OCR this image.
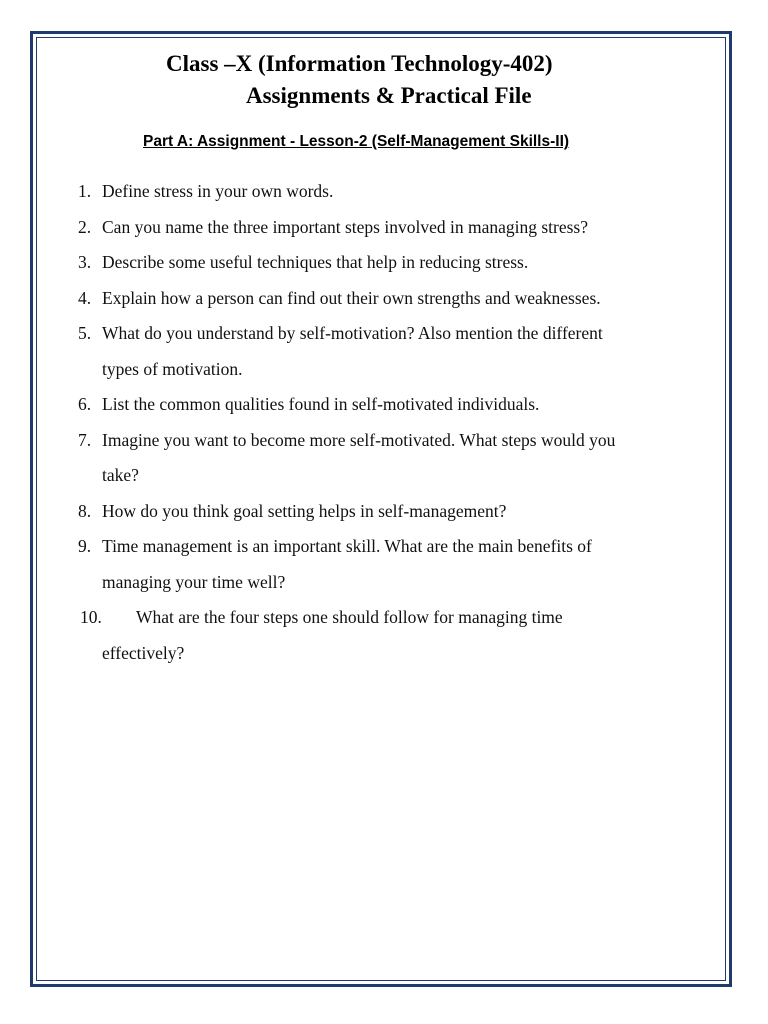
Class –X (Information Technology-402)
Assignments & Practical File
Part A: Assignment - Lesson-2 (Self-Management Skills-II)
1. Define stress in your own words.
2. Can you name the three important steps involved in managing stress?
3. Describe some useful techniques that help in reducing stress.
4. Explain how a person can find out their own strengths and weaknesses.
5. What do you understand by self-motivation? Also mention the different
types of motivation.
6. List the common qualities found in self-motivated individuals.
7. Imagine you want to become more self-motivated. What steps would you
take?
8. How do you think goal setting helps in self-management?
9. Time management is an important skill. What are the main benefits of
managing your time well?
10.	What are the four steps one should follow for managing time
effectively?
